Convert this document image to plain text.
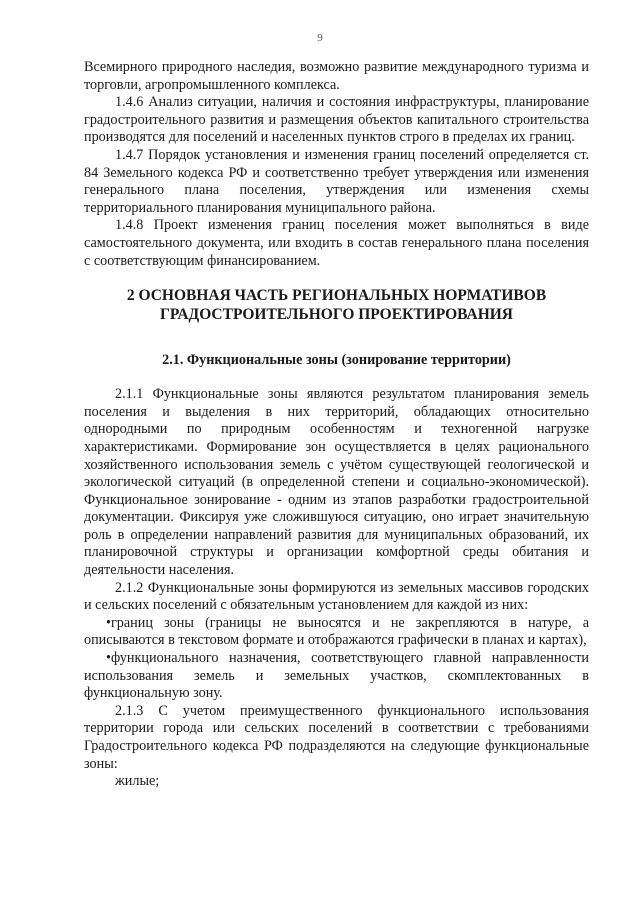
9

Всемирного природного наследия, возможно развитие международного туризма и торговли, агропромышленного комплекса.

1.4.6 Анализ ситуации, наличия и состояния инфраструктуры, планирование градостроительного развития и размещения объектов капитального строительства производятся для поселений и населенных пунктов строго в пределах их границ.

1.4.7 Порядок установления и изменения границ поселений определяется ст. 84 Земельного кодекса РФ и соответственно требует утверждения или изменения генерального плана поселения, утверждения или изменения схемы территориального планирования муниципального района.

1.4.8 Проект изменения границ поселения может выполняться в виде самостоятельного документа, или входить в состав генерального плана поселения с соответствующим финансированием.

2 ОСНОВНАЯ ЧАСТЬ РЕГИОНАЛЬНЫХ НОРМАТИВОВ ГРАДОСТРОИТЕЛЬНОГО ПРОЕКТИРОВАНИЯ
2.1. Функциональные зоны (зонирование территории)

2.1.1 Функциональные зоны являются результатом планирования земель поселения и выделения в них территорий, обладающих относительно однородными по природным особенностям и техногенной нагрузке характеристиками. Формирование зон осуществляется в целях рационального хозяйственного использования земель с учётом существующей геологической и экологической ситуаций (в определенной степени и социально-экономической). Функциональное зонирование - одним из этапов разработки градостроительной документации. Фиксируя уже сложившуюся ситуацию, оно играет значительную роль в определении направлений развития для муниципальных образований, их планировочной структуры и организации комфортной среды обитания и деятельности населения.

2.1.2 Функциональные зоны формируются из земельных массивов городских и сельских поселений с обязательным установлением для каждой из них:

•границ зоны (границы не выносятся и не закрепляются в натуре, а описываются в текстовом формате и отображаются графически в планах и картах),

•функционального назначения, соответствующего главной направленности использования земель и земельных участков, скомплектованных в функциональную зону.

2.1.3 С учетом преимущественного функционального использования территории города или сельских поселений в соответствии с требованиями Градостроительного кодекса РФ подразделяются на следующие функциональные зоны:

жилые;
